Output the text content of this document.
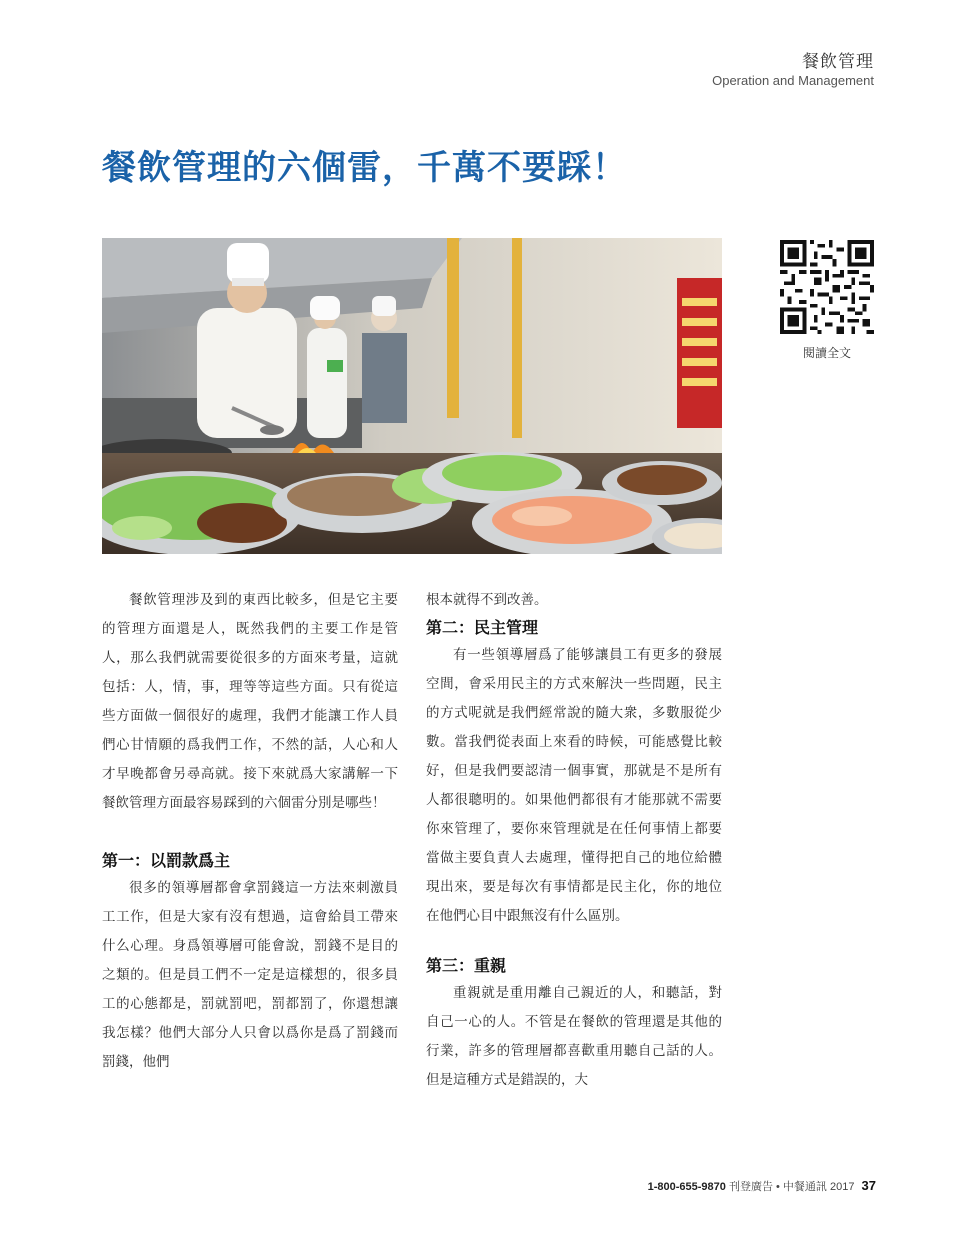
餐飲管理
Operation and Management
餐飲管理的六個雷，千萬不要踩！
閱讀全文

餐飲管理涉及到的東西比較多，但是它主要的管理方面還是人，既然我們的主要工作是管人，那么我們就需要從很多的方面來考量，這就包括：人，情，事，理等等這些方面。只有從這些方面做一個很好的處理，我們才能讓工作人員們心甘情願的爲我們工作，不然的話，人心和人才早晚都會另尋高就。接下來就爲大家講解一下餐飲管理方面最容易踩到的六個雷分別是哪些！

第一：以罰款爲主

很多的領導層都會拿罰錢這一方法來刺激員工工作，但是大家有沒有想過，這會給員工帶來什么心理。身爲領導層可能會說，罰錢不是目的之類的。但是員工們不一定是這樣想的，很多員工的心態都是，罰就罰吧，罰都罰了，你還想讓我怎樣？他們大部分人只會以爲你是爲了罰錢而罰錢，他們

根本就得不到改善。

第二：民主管理

有一些領導層爲了能够讓員工有更多的發展空間，會采用民主的方式來解決一些問題，民主的方式呢就是我們經常說的隨大衆，多數服從少數。當我們從表面上來看的時候，可能感覺比較好，但是我們要認清一個事實，那就是不是所有人都很聰明的。如果他們都很有才能那就不需要你來管理了，要你來管理就是在任何事情上都要當做主要負責人去處理，懂得把自己的地位給體現出來，要是每次有事情都是民主化，你的地位在他們心目中跟無沒有什么區別。

第三：重親

重親就是重用離自己親近的人，和聽話，對自己一心的人。不管是在餐飲的管理還是其他的行業，許多的管理層都喜歡重用聽自己話的人。但是這種方式是錯誤的，大

1-800-655-9870 刊登廣告 • 中餐通訊 2017 37
